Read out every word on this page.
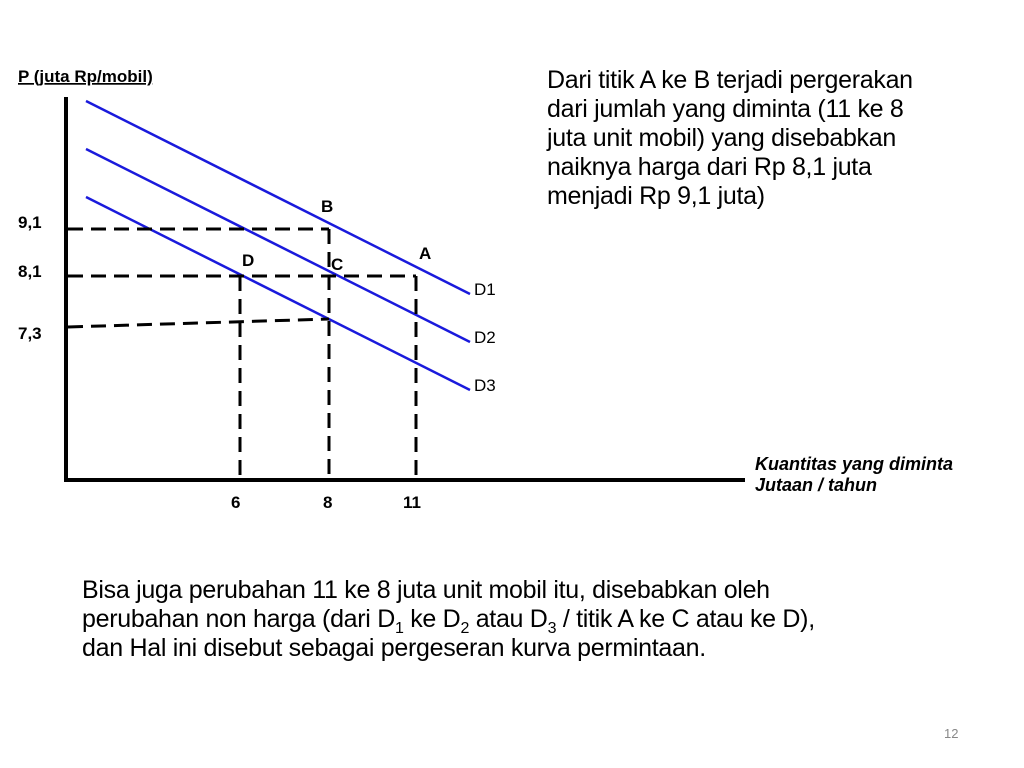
P (juta Rp/mobil)
Kuantitas yang diminta
Jutaan / tahun
9,1
8,1
7,3
6	8	11
D1
D2
D3
B
A
D	C
Dari titik A ke B terjadi pergerakan
dari jumlah yang diminta (11 ke 8
juta unit mobil) yang disebabkan
naiknya harga dari Rp 8,1 juta
menjadi Rp 9,1 juta)
Bisa juga perubahan 11 ke 8 juta unit mobil itu, disebabkan oleh
perubahan non harga (dari $D_1$ ke $D_2$ atau $D_3$ / titik A ke C atau ke D),
dan Hal ini disebut sebagai pergeseran kurva permintaan.
12
